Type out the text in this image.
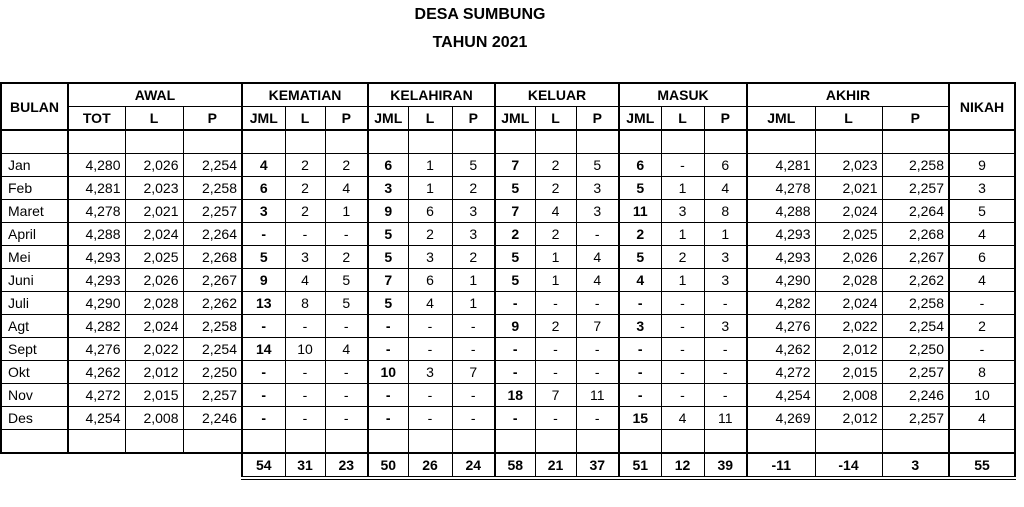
DESA SUMBUNG
TAHUN 2021
BULAN	AWAL			KEMATIAN			KELAHIRAN			KELUAR			MASUK			AKHIR			NIKAH
	TOT	L	P	JML	L	P	JML	L	P	JML	L	P	JML	L	P	JML	L	P	

Jan	4,280	2,026	2,254	4	2	2	6	1	5	7	2	5	6	-	6	4,281	2,023	2,258	9
Feb	4,281	2,023	2,258	6	2	4	3	1	2	5	2	3	5	1	4	4,278	2,021	2,257	3
Maret	4,278	2,021	2,257	3	2	1	9	6	3	7	4	3	11	3	8	4,288	2,024	2,264	5
April	4,288	2,024	2,264	-	-	-	5	2	3	2	2	-	2	1	1	4,293	2,025	2,268	4
Mei	4,293	2,025	2,268	5	3	2	5	3	2	5	1	4	5	2	3	4,293	2,026	2,267	6
Juni	4,293	2,026	2,267	9	4	5	7	6	1	5	1	4	4	1	3	4,290	2,028	2,262	4
Juli	4,290	2,028	2,262	13	8	5	5	4	1	-	-	-	-	-	-	4,282	2,024	2,258	-
Agt	4,282	2,024	2,258	-	-	-	-	-	-	9	2	7	3	-	3	4,276	2,022	2,254	2
Sept	4,276	2,022	2,254	14	10	4	-	-	-	-	-	-	-	-	-	4,262	2,012	2,250	-
Okt	4,262	2,012	2,250	-	-	-	10	3	7	-	-	-	-	-	-	4,272	2,015	2,257	8
Nov	4,272	2,015	2,257	-	-	-	-	-	-	18	7	11	-	-	-	4,254	2,008	2,246	10
Des	4,254	2,008	2,246	-	-	-	-	-	-	-	-	-	15	4	11	4,269	2,012	2,257	4

				54	31	23	50	26	24	58	21	37	51	12	39	-11	-14	3	55
